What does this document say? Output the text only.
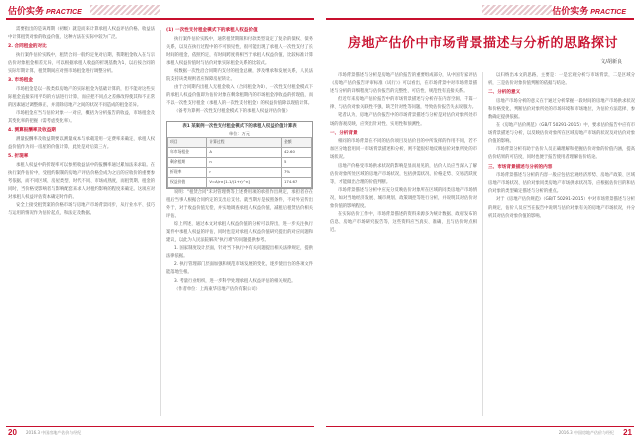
估价实务 PRACTICE

需要指出的是该周期（初级）就是而来计算承租人权益评估价格。收益法中计算租赁对象的收益价值，这种方法在实际中较为广泛。

2. 合同租金的对比

执行案件估价实践中，租赁合同一般约定免对后期，我期租金收入在与宗估价对象租金相差无异，可以根据承租人收益的折现基数为1，以后按合同的实际年期计算，租赁期间应对照市场租金进行调整分析。

3. 市场租金

市场租金是以一般类似房地产的实际租金为基础计算的，但不能对这些实际租金直接采用平均的方法进行计算，而应把不同点之差修改得使其和不正常的因素通过调整修正，并消除房地产之间的状况不同造成的租金差异。

市场租金应当与估价对象一一对应，概括为分析报告的收益，市场租金及其变化率的把握（需考虑变化率）。

4. 测算报酬率及收益期

测量报酬率及收益期要以测量成本与承载适用一定费率来确定，承租人权益价值作为同一房屋的价值计算，此处是对后第三方。

5. 折现率

承租人权益中的折现率可以参照收益法中的报酬率通过累加法来求取。在执行案件估价中，受租约限制的房地产评估价格会成为之后的应收价的重要参考依据，而不同区域、房屋类型、时代不同、市场成熟度，而租赁期、租金的同时，当价格受影响者与影响配套来求人对租约影响的程度来确定。这项应对对承租人权益评估资本确定时作的。

安全上接受租赁案的价格市场与房地产市场背景同步，从行业水平、技巧与运用的情况作为估价起点，和法定及数据。

(1) 一次性支付租金模式下的承租人权益价值

执行案件估价实践中，通常租赁期限和付款类型设定了复杂的债权、债务关系，以及在执行过程中的不可预见性，很可能出现了承租人一次性支付了长时间的租金，依照约定，有时间跨度将相当于承租人权益价值，比较标准计算承租人权益价值时与估价对象实际租金关系的比较式。

权数据一次性沿合同期内支付的租金总额，涉及继承和发展关系，人民法院支持该类规则者应保障房屋转让。

由于合同期内出租人无租金收入（合同租金为0），一次性支付租金模式下的承租人权益价值即为估价对象在剩余租期内的市场租金净收益的折现值，而不以一次性支付租金（承租人的一次性支付租金）的权益价值除以现值计算。

（备考为算例一次性支付租金模式下的承租人权益评估价值）

表1 某案例一次性支付租金模式下的承租人权益价值计算表
单位：万元
项目	计算过程	金额
年市场租金	A	42.60
剩余租期	n	5
折现率	r	7%
权益价值	V=A/r×[1-1/(1+r)^n]	174.67

说明："租赁合同"未对管理费等上述费用项的承担作出规定，承担者存在租后当事人根据合同约定的支出后支付。就当期方是按照条件，不对外宣传出外于，对于收益价值无偿，并实地调查承租人权益价值，减租后租赁估价相关评估。

综上所述，通过本文对承租人权益价值的分析可以得出，进一步关注执行案件中承租人权益的评估，同时也是对承租人权益价值研究提出的对应问题和建议，以此为人民法院解决"执行难"的问题提供参考。

1. 国家制度设计层面，针对当下执行中有关问题提出相关法律规定，提供法律依据。

2. 执行管理部门层面加强和规范市场发展的变化，逐步使出台的各项文件能落地生根。

3. 考量行业组织，进一步科学处理承租人权益评估的相关规范。

（作者单位：上海東华房地产估价有限公司）

20 2016.3 中国房地产估价与经纪
估价实务 PRACTICE
房地产估价中市场背景描述与分析的思路探讨
文/胡新良

市场背景描述与分析是房地产估价报告的重要组成部分，从中国专家评估《房地产估价报告评审标准（试行）》可以看出，在市场背景中对市场背景描述与分析的详细程度与估价报告的完整性、可信性、规范性有直接关系。

但近年来房地产估价报告中的市场背景描述与分析存在内容空洞、千篇一律、与估价对象关联性不强、缺乏针对性等问题，导致估价报告失去说服力。

笔者认为，房地产估价报告中的市场背景描述与分析是对估价对象所处市场的客观反映，应突出针对性、实用性和预测性。

一、分析背景

相同的市场背景在不同的估价项目及估价目的中所发挥的作用不同，若不加区分地套用同一市场背景描述和分析，则不能很好地反映估价对象所处的市场状况。

房地产价格受市场供求状况的影响是显而易见的，估价人员应当深入了解估价对象所处区域的房地产市场状况，包括供需状况、价格走势、交易活跃度等，才能做出合理的价值判断。

市场背景描述与分析中应充分反映估价对象所在区域的同类房地产市场情况，如对当地经济发展、城市规划、政策调控等进行分析，并说明其对估价对象价值的影响程度。

在实际估价工作中，市场背景描述的资料来源多为统计数据、政府发布的信息、房地产市场研究报告等，这些资料应当真实、准确，且与估价时点相近。

以归纳出本文的思路，主要是：一是宏观分析与市场背景，二是区域分析，三是估价对象价值判断的依据与结论。

二、分析的意义

房地产市场分析的意义在于通过分析掌握一段时间的房地产市场供求状况和价格变化，判断估价对象所处的市场环境和市场地位，为估价方法选择、参数确定提供依据。

在《房地产估价规范》（GB/T 50291-2015）中，要求估价报告中应有市场背景描述与分析，以反映估价对象所在区域房地产市场的状况及对估价对象价值的影响。

市场背景分析有助于估价人员正确理解和把握估价对象的价值内涵，提高估价结果的可信度，同时也便于报告使用者理解估价结论。

三、市场背景描述与分析的内容

市场背景描述与分析的内容一般应包括宏观经济形势、房地产政策、区域房地产市场状况、估价对象同类房地产市场供求状况等，应根据估价目的和估价对象的类型确定描述与分析的重点。

对于《房地产估价规范》（GB/T 50291-2015）中对市场背景描述与分析的规定，估价人员应当在报告中说明与估价对象有关的房地产市场状况，并分析其对估价对象价值的影响。

2016.3 中国房地产估价与经纪 21
